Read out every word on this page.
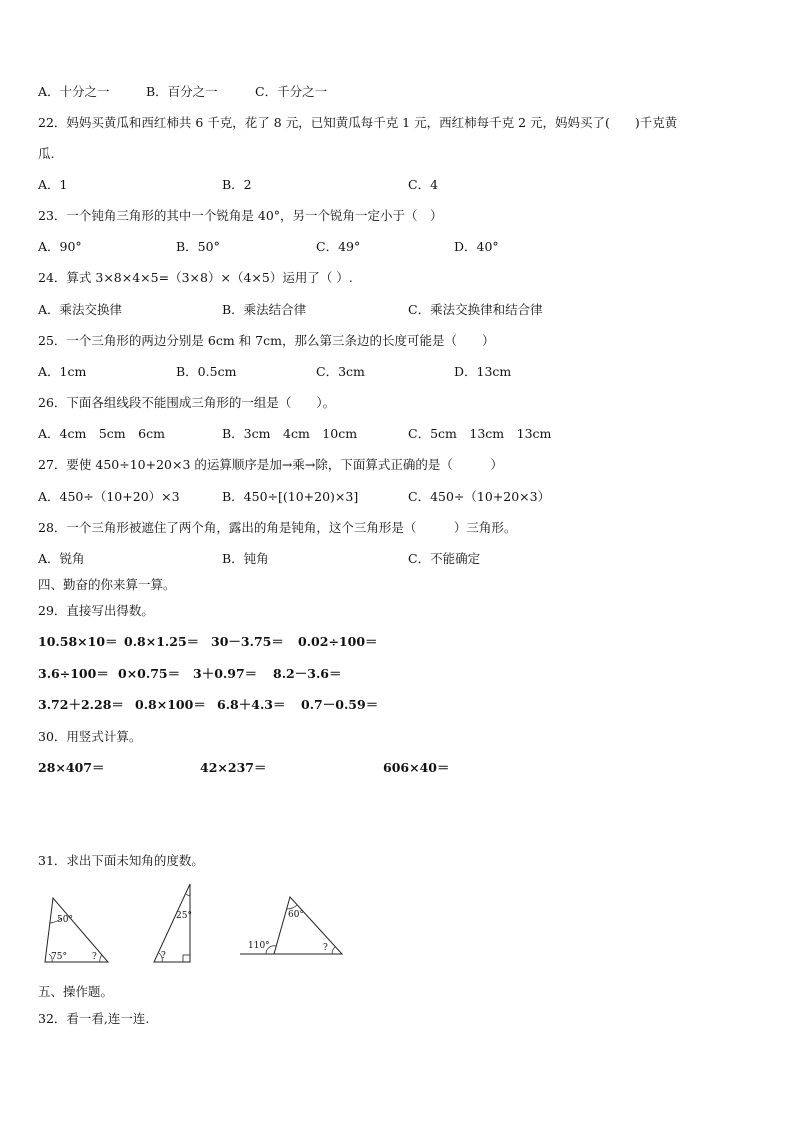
A．十分之一	B．百分之一	C．千分之一
22．妈妈买黄瓜和西红柿共 6 千克，花了 8 元，已知黄瓜每千克 1 元，西红柿每千克 2 元，妈妈买了(　　)千克黄
瓜.
A．1	B．2	C．4
23．一个钝角三角形的其中一个锐角是 40°，另一个锐角一定小于（　）
A．90°	B．50°	C．49°	D．40°
24．算式 3×8×4×5=（3×8）×（4×5）运用了（ ）.
A．乘法交换律	B．乘法结合律	C．乘法交换律和结合律
25．一个三角形的两边分别是 6cm 和 7cm，那么第三条边的长度可能是（　　）
A．1cm	B．0.5cm	C．3cm	D．13cm
26．下面各组线段不能围成三角形的一组是（　　）。
A．4cm　5cm　6cm	B．3cm　4cm　10cm	C．5cm　13cm　13cm
27．要使 450÷10+20×3 的运算顺序是加→乘→除，下面算式正确的是（　　　）
A．450÷（10+20）×3	B．450÷[(10+20)×3]	C．450÷（10+20×3）
28．一个三角形被遮住了两个角，露出的角是钝角，这个三角形是（　　　）三角形。
A．锐角	B．钝角	C．不能确定
四、勤奋的你来算一算。
29．直接写出得数。
10.58×10＝ 0.8×1.25＝ 30－3.75＝ 0.02÷100＝
3.6÷100＝ 0×0.75＝ 3＋0.97＝ 8.2－3.6＝
3.72＋2.28＝ 0.8×100＝ 6.8＋4.3＝ 0.7－0.59＝
30．用竖式计算。
28×407＝	42×237＝	606×40＝
31．求出下面未知角的度数。
50°
75°	?
25°
?
60°
110°	?
五、操作题。
32．看一看,连一连.
